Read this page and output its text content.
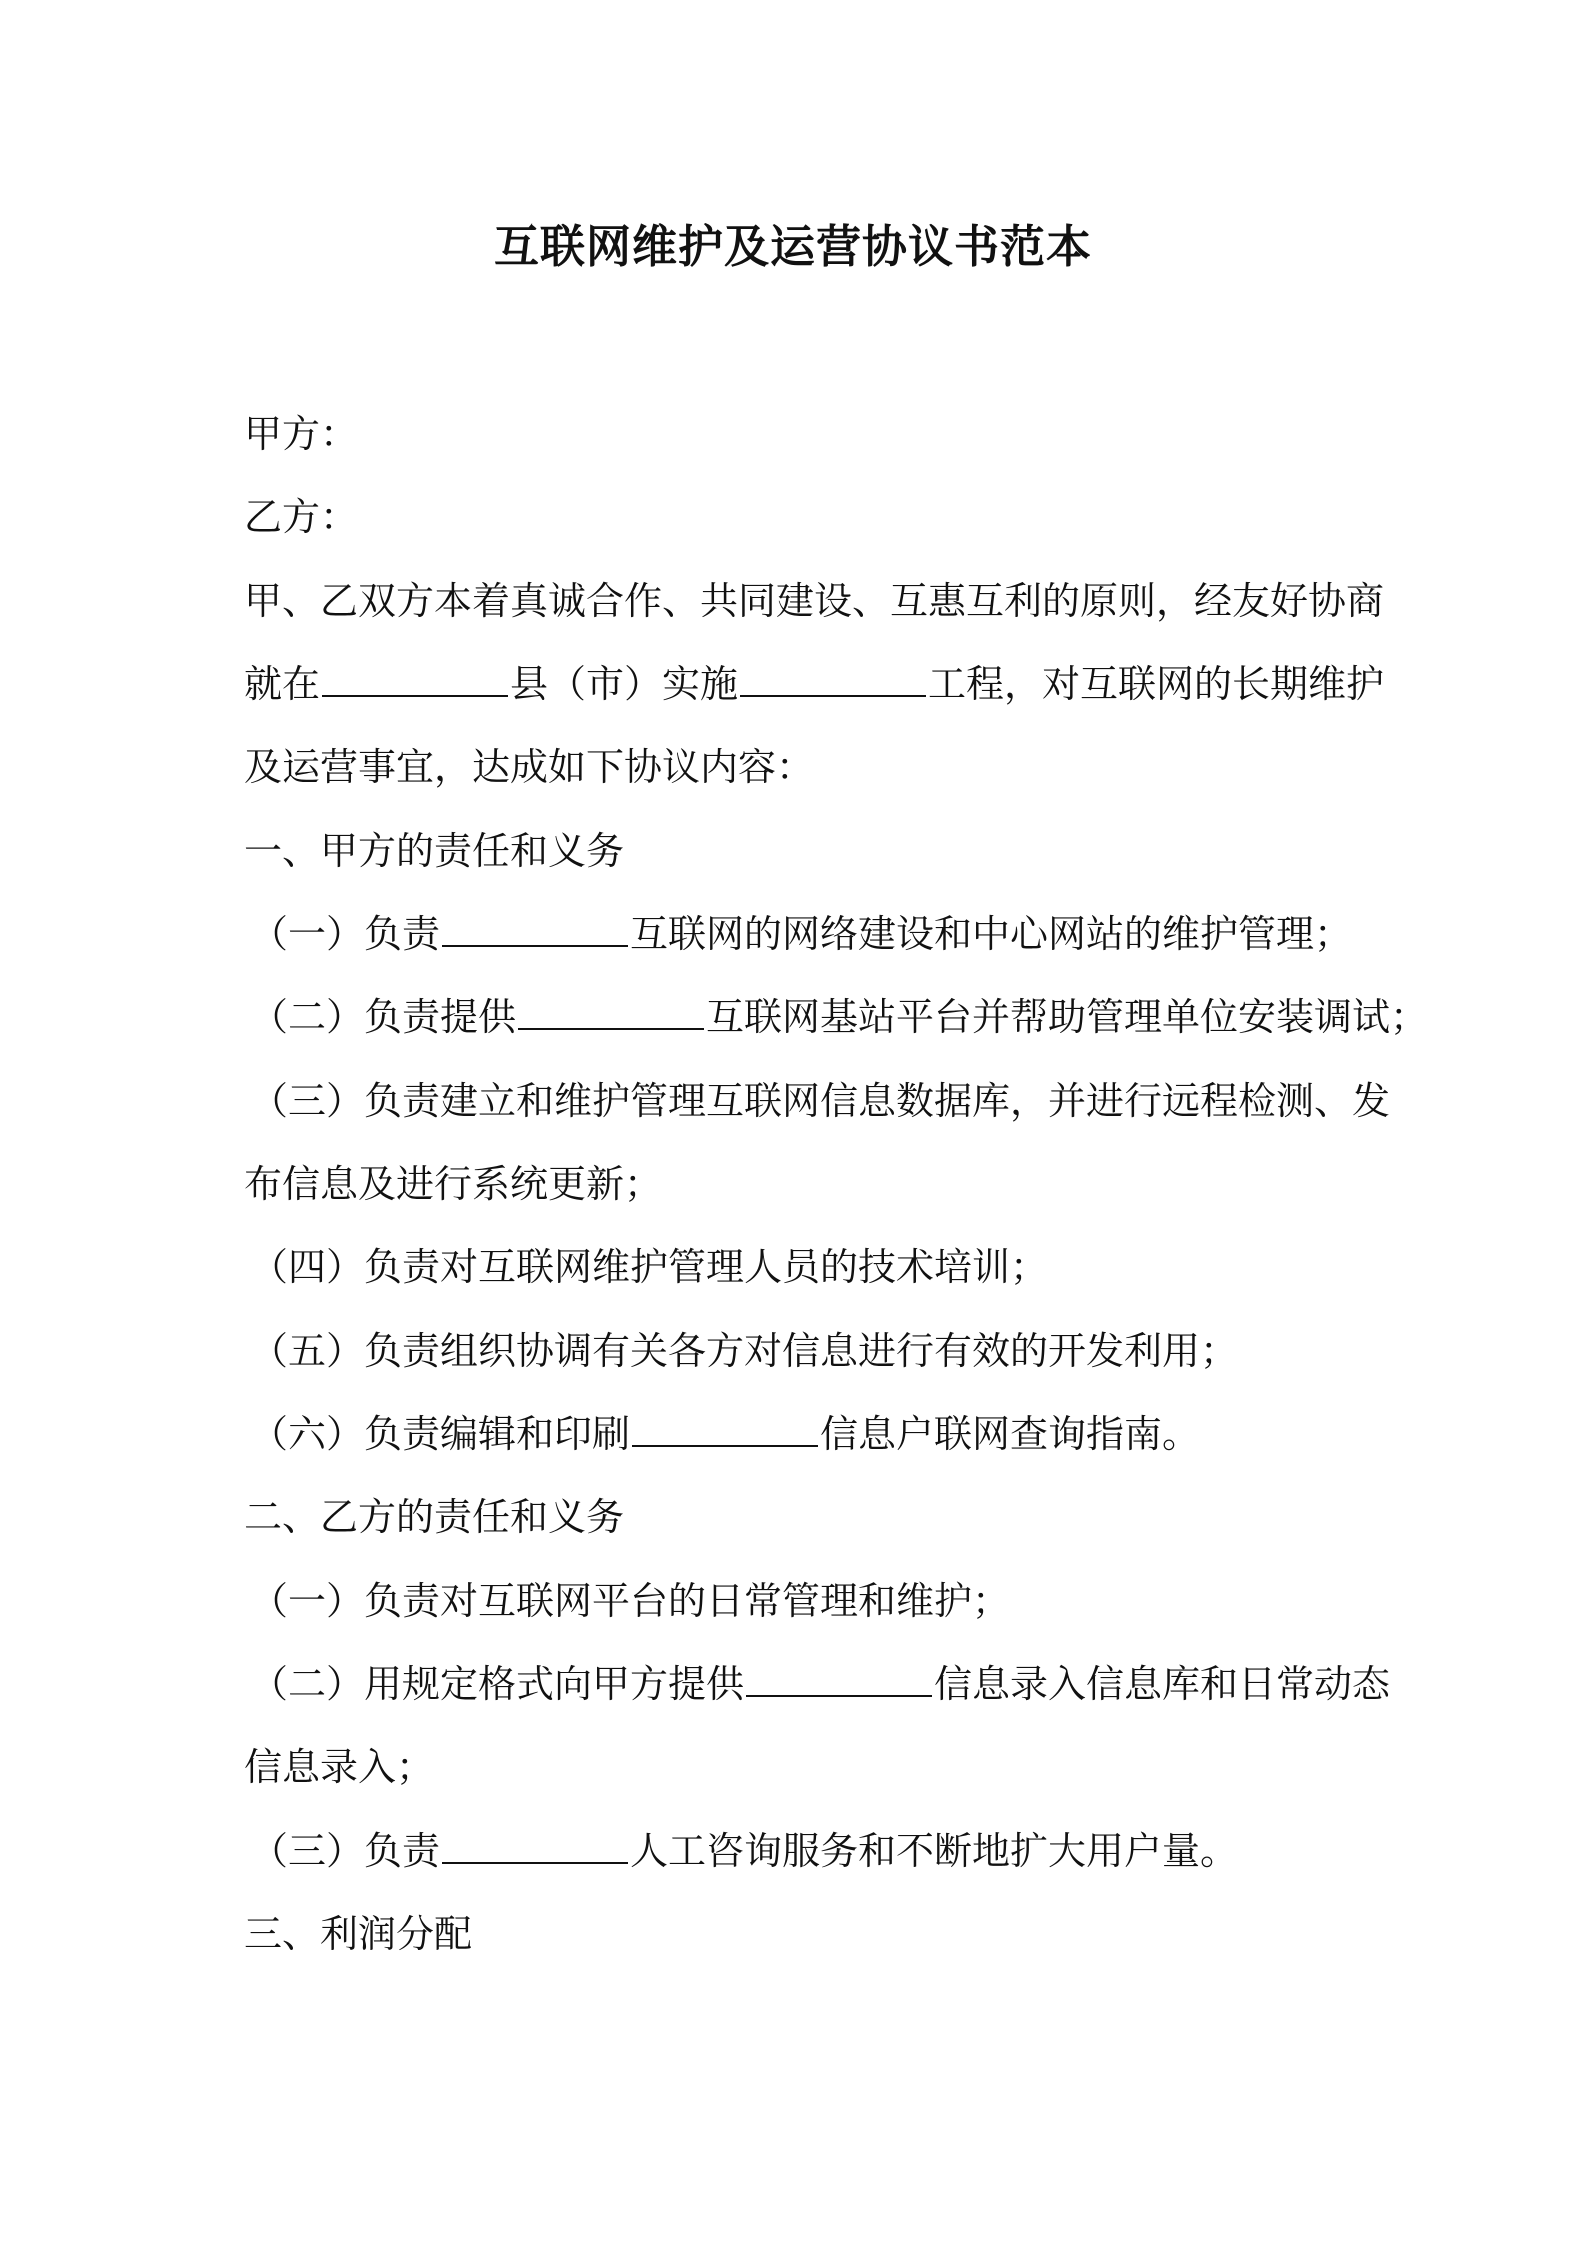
互联网维护及运营协议书范本
甲方：
乙方：
甲、乙双方本着真诚合作、共同建设、互惠互利的原则，经友好协商
就在	县（市）实施	工程，对互联网的长期维护
及运营事宜，达成如下协议内容：
一、甲方的责任和义务
（一）负责	互联网的网络建设和中心网站的维护管理；
（二）负责提供	互联网基站平台并帮助管理单位安装调试；
（三）负责建立和维护管理互联网信息数据库，并进行远程检测、发
布信息及进行系统更新；
（四）负责对互联网维护管理人员的技术培训；
（五）负责组织协调有关各方对信息进行有效的开发利用；
（六）负责编辑和印刷	信息户联网查询指南。
二、乙方的责任和义务
（一）负责对互联网平台的日常管理和维护；
（二）用规定格式向甲方提供	信息录入信息库和日常动态
信息录入；
（三）负责	人工咨询服务和不断地扩大用户量。
三、利润分配
